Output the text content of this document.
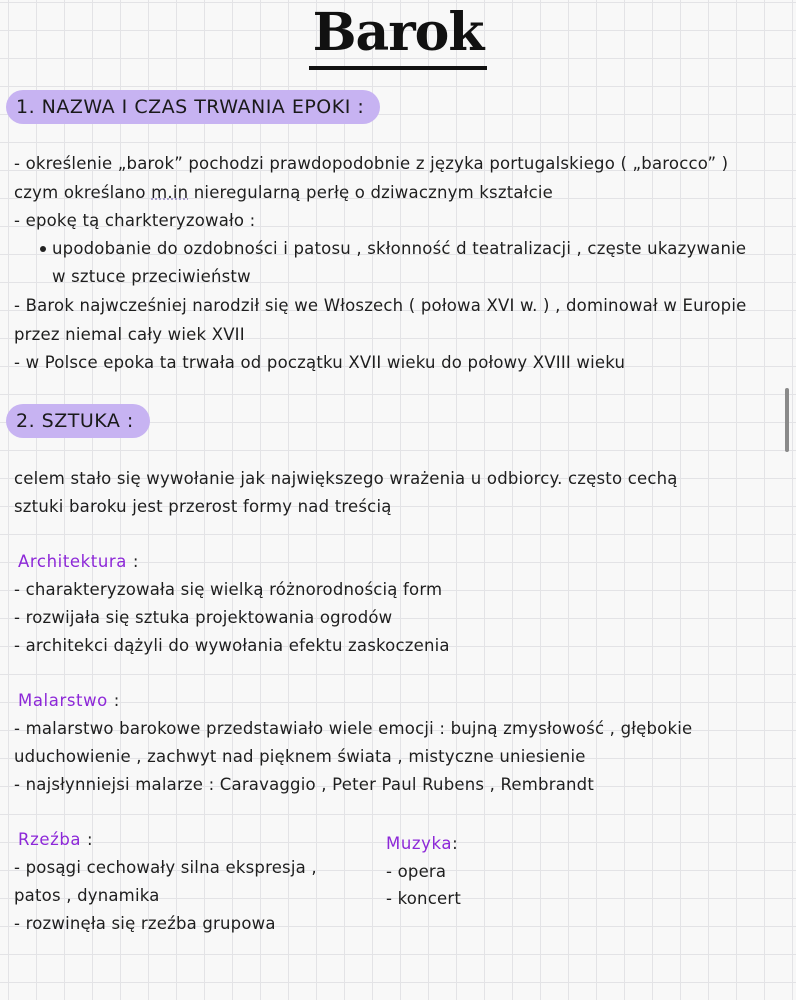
Barok
1. NAZWA I CZAS TRWANIA EPOKI :
- określenie „barok” pochodzi prawdopodobnie z języka portugalskiego ( „barocco” )
czym określano m.in nieregularną perłę o dziwacznym kształcie
- epokę tą charkteryzowało :
upodobanie do ozdobności i patosu , skłonność d teatralizacji , częste ukazywanie
w sztuce przeciwieństw
- Barok najwcześniej narodził się we Włoszech ( połowa XVI w. ) , dominował w Europie
przez niemal cały wiek XVII
- w Polsce epoka ta trwała od początku XVII wieku do połowy XVIII wieku
2. SZTUKA :
celem stało się wywołanie jak największego wrażenia u odbiorcy. często cechą
sztuki baroku jest przerost formy nad treścią
Architektura :
- charakteryzowała się wielką różnorodnością form
- rozwijała się sztuka projektowania ogrodów
- architekci dążyli do wywołania efektu zaskoczenia
Malarstwo :
- malarstwo barokowe przedstawiało wiele emocji : bujną zmysłowość , głębokie
uduchowienie , zachwyt nad pięknem świata , mistyczne uniesienie
- najsłynniejsi malarze : Caravaggio , Peter Paul Rubens , Rembrandt
Rzeźba :
- posągi cechowały silna ekspresja ,
patos , dynamika
- rozwinęła się rzeźba grupowa
Muzyka:
- opera
- koncert
